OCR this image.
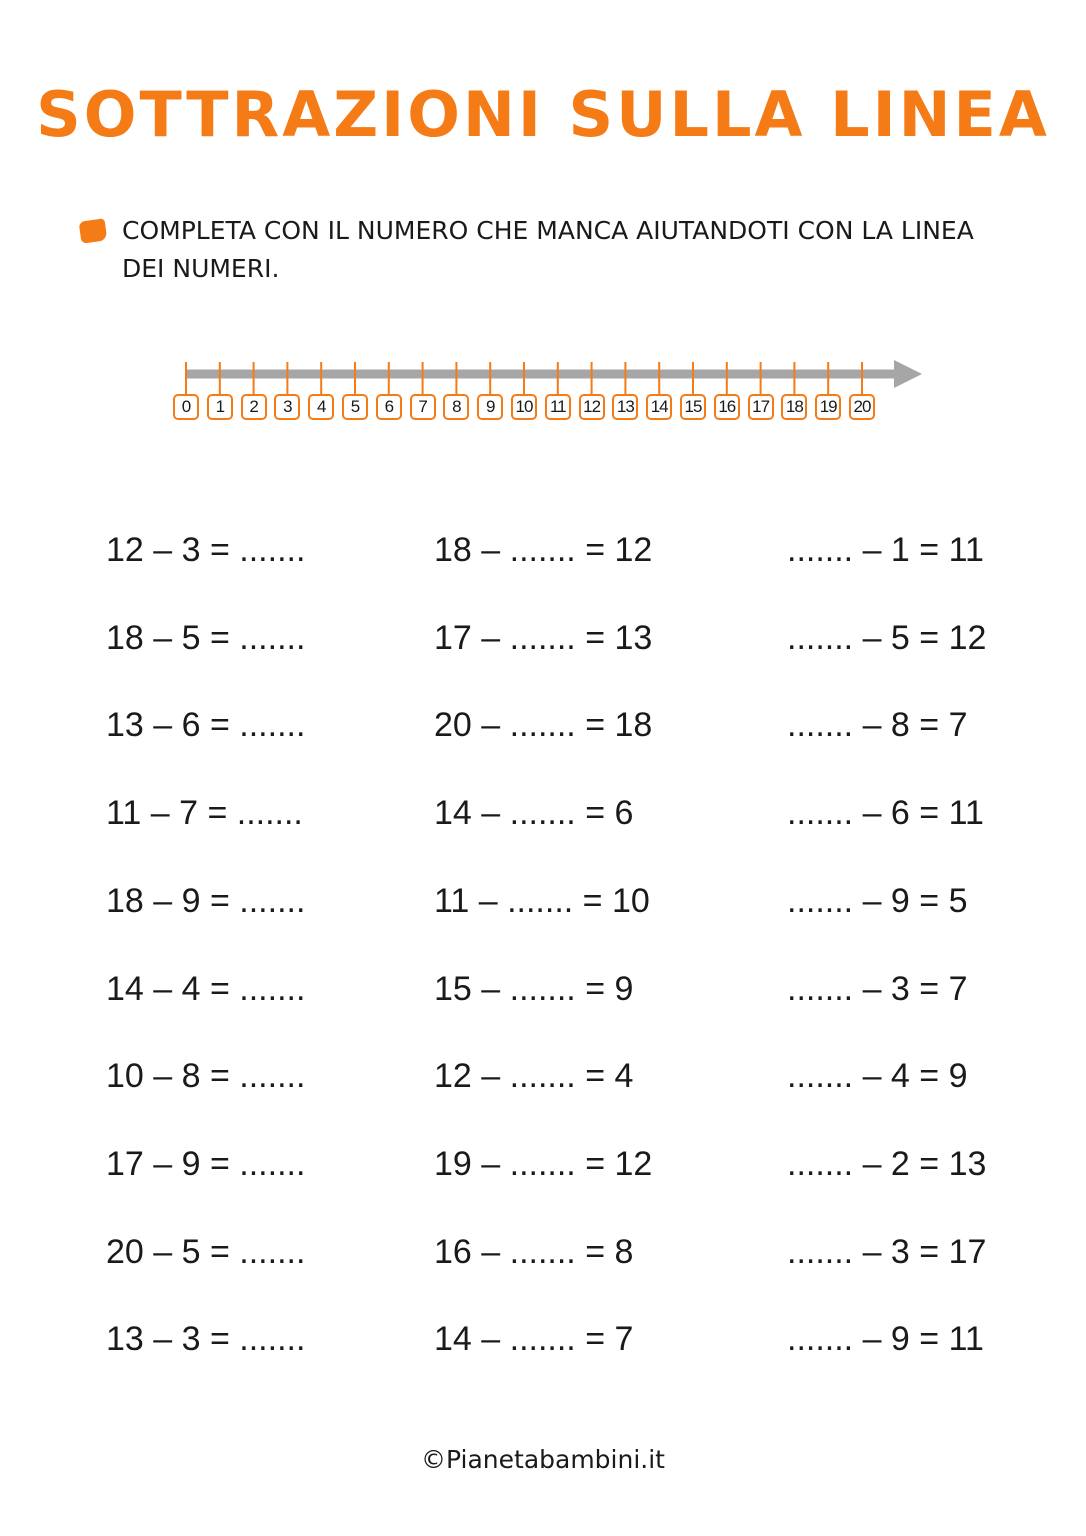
SOTTRAZIONI SULLA LINEA
COMPLETA CON IL NUMERO CHE MANCA AIUTANDOTI CON LA LINEA DEI NUMERI.
0	1	2	3	4	5	6	7	8	9	10	11	12 13 14 15 16 17 18 19 20
12 – 3 = .......	18 – ....... = 12	....... – 1 = 11
18 – 5 = .......	17 – ....... = 13	....... – 5 = 12
13 – 6 = .......	20 – ....... = 18	....... – 8 = 7
11 – 7 = .......	14 – ....... = 6	....... – 6 = 11
18 – 9 = .......	11 – ....... = 10	....... – 9 = 5
14 – 4 = .......	15 – ....... = 9	....... – 3 = 7
10 – 8 = .......	12 – ....... = 4	....... – 4 = 9
17 – 9 = .......	19 – ....... = 12	....... – 2 = 13
20 – 5 = .......	16 – ....... = 8	....... – 3 = 17
13 – 3 = .......	14 – ....... = 7	....... – 9 = 11
©Pianetabambini.it
